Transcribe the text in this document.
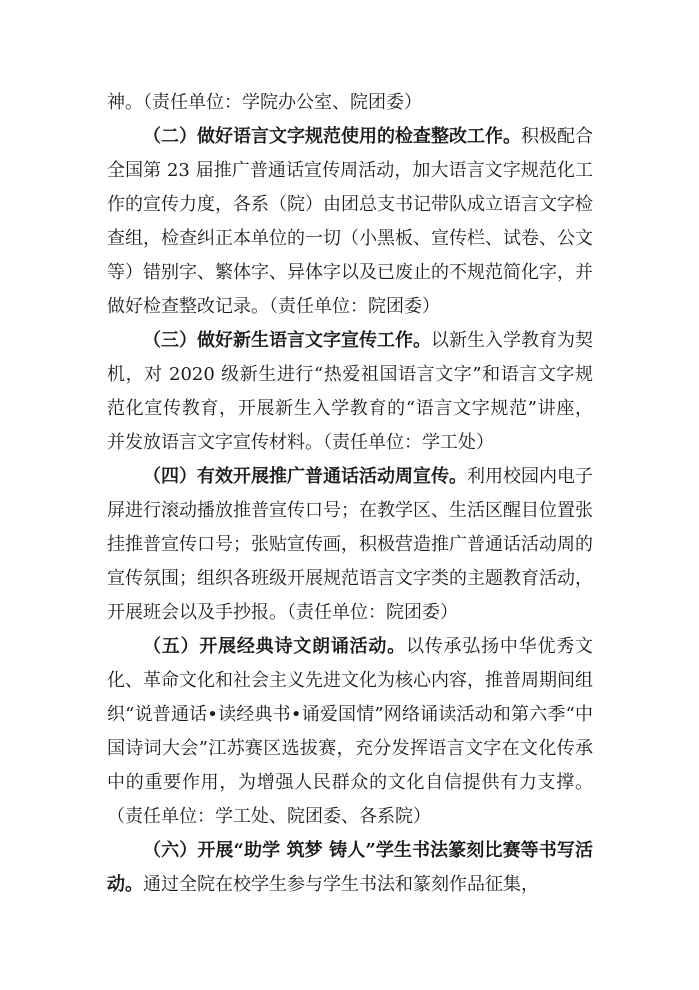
神。（责任单位：学院办公室、院团委）

（二）做好语言文字规范使用的检查整改工作。积极配合全国第 23 届推广普通话宣传周活动，加大语言文字规范化工作的宣传力度，各系（院）由团总支书记带队成立语言文字检查组，检查纠正本单位的一切（小黑板、宣传栏、试卷、公文等）错别字、繁体字、异体字以及已废止的不规范简化字，并做好检查整改记录。（责任单位：院团委）

（三）做好新生语言文字宣传工作。以新生入学教育为契机，对 2020 级新生进行“热爱祖国语言文字”和语言文字规范化宣传教育，开展新生入学教育的“语言文字规范”讲座，并发放语言文字宣传材料。（责任单位：学工处）

（四）有效开展推广普通话活动周宣传。利用校园内电子屏进行滚动播放推普宣传口号；在教学区、生活区醒目位置张挂推普宣传口号；张贴宣传画，积极营造推广普通话活动周的宣传氛围；组织各班级开展规范语言文字类的主题教育活动，开展班会以及手抄报。（责任单位：院团委）

（五）开展经典诗文朗诵活动。以传承弘扬中华优秀文化、革命文化和社会主义先进文化为核心内容，推普周期间组织“说普通话•读经典书•诵爱国情”网络诵读活动和第六季“中国诗词大会”江苏赛区选拔赛，充分发挥语言文字在文化传承中的重要作用，为增强人民群众的文化自信提供有力支撑。（责任单位：学工处、院团委、各系院）

（六）开展“助学 筑梦 铸人”学生书法篆刻比赛等书写活动。通过全院在校学生参与学生书法和篆刻作品征集，
